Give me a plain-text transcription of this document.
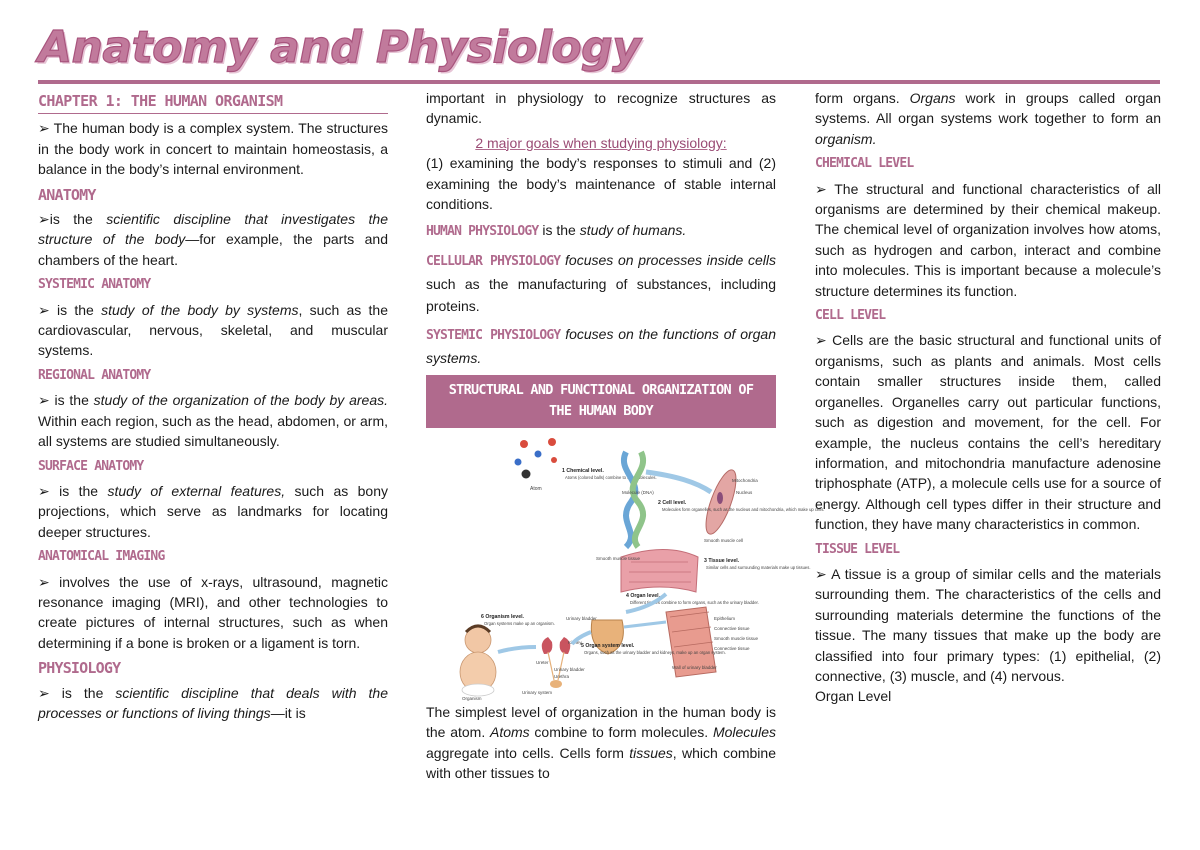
Anatomy and Physiology
CHAPTER 1: THE HUMAN ORGANISM

➢ The human body is a complex system. The structures in the body work in concert to maintain homeostasis, a balance in the body’s internal environment.

ANATOMY

➢is the scientific discipline that investigates the structure of the body—for example, the parts and chambers of the heart.

SYSTEMIC ANATOMY

➢ is the study of the body by systems, such as the cardiovascular, nervous, skeletal, and muscular systems.

REGIONAL ANATOMY

➢ is the study of the organization of the body by areas. Within each region, such as the head, abdomen, or arm, all systems are studied simultaneously.

SURFACE ANATOMY

➢ is the study of external features, such as bony projections, which serve as landmarks for locating deeper structures.

ANATOMICAL IMAGING

➢ involves the use of x-rays, ultrasound, magnetic resonance imaging (MRI), and other technologies to create pictures of internal structures, such as when determining if a bone is broken or a ligament is torn.

PHYSIOLOGY

➢ is the scientific discipline that deals with the processes or functions of living things—it is

important in physiology to recognize structures as dynamic.

2 major goals when studying physiology:

(1) examining the body’s responses to stimuli and (2) examining the body’s maintenance of stable internal conditions.

HUMAN PHYSIOLOGY is the study of humans.

CELLULAR PHYSIOLOGY focuses on processes inside cells such as the manufacturing of substances, including proteins.

SYSTEMIC PHYSIOLOGY focuses on the functions of organ systems.

STRUCTURAL AND FUNCTIONAL ORGANIZATION OF THE HUMAN BODY
Atom
1 Chemical level.
Atoms (colored balls) combine to form molecules.
Molecule (DNA)
Mitochondria
Nucleus
Smooth muscle cell
2 Cell level.
Molecules form organelles, such as the nucleus and mitochondria, which make up cells.
Smooth muscle tissue	3 Tissue level.
Similar cells and surrounding materials make up tissues.
4 Organ level.
Different tissues combine to form organs, such as the urinary bladder.
Urinary bladder	Epithelium
Connective tissue
Smooth muscle tissue
Connective tissue
Wall of urinary bladder
Kidney
Ureter
5 Organ system level.
Organs, such as the urinary bladder and kidneys, make up an organ system.
Urinary bladder
Urethra
Urinary system
Organism
6 Organism level.
Organ systems make up an organism.

The simplest level of organization in the human body is the atom. Atoms combine to form molecules. Molecules aggregate into cells. Cells form tissues, which combine with other tissues to

form organs. Organs work in groups called organ systems. All organ systems work together to form an organism.

CHEMICAL LEVEL

➢ The structural and functional characteristics of all organisms are determined by their chemical makeup. The chemical level of organization involves how atoms, such as hydrogen and carbon, interact and combine into molecules. This is important because a molecule’s structure determines its function.

CELL LEVEL

➢ Cells are the basic structural and functional units of organisms, such as plants and animals. Most cells contain smaller structures inside them, called organelles. Organelles carry out particular functions, such as digestion and movement, for the cell. For example, the nucleus contains the cell’s hereditary information, and mitochondria manufacture adenosine triphosphate (ATP), a molecule cells use for a source of energy. Although cell types differ in their structure and function, they have many characteristics in common.

TISSUE LEVEL

➢ A tissue is a group of similar cells and the materials surrounding them. The characteristics of the cells and surrounding materials determine the functions of the tissue. The many tissues that make up the body are classified into four primary types: (1) epithelial, (2) connective, (3) muscle, and (4) nervous.

Organ Level
